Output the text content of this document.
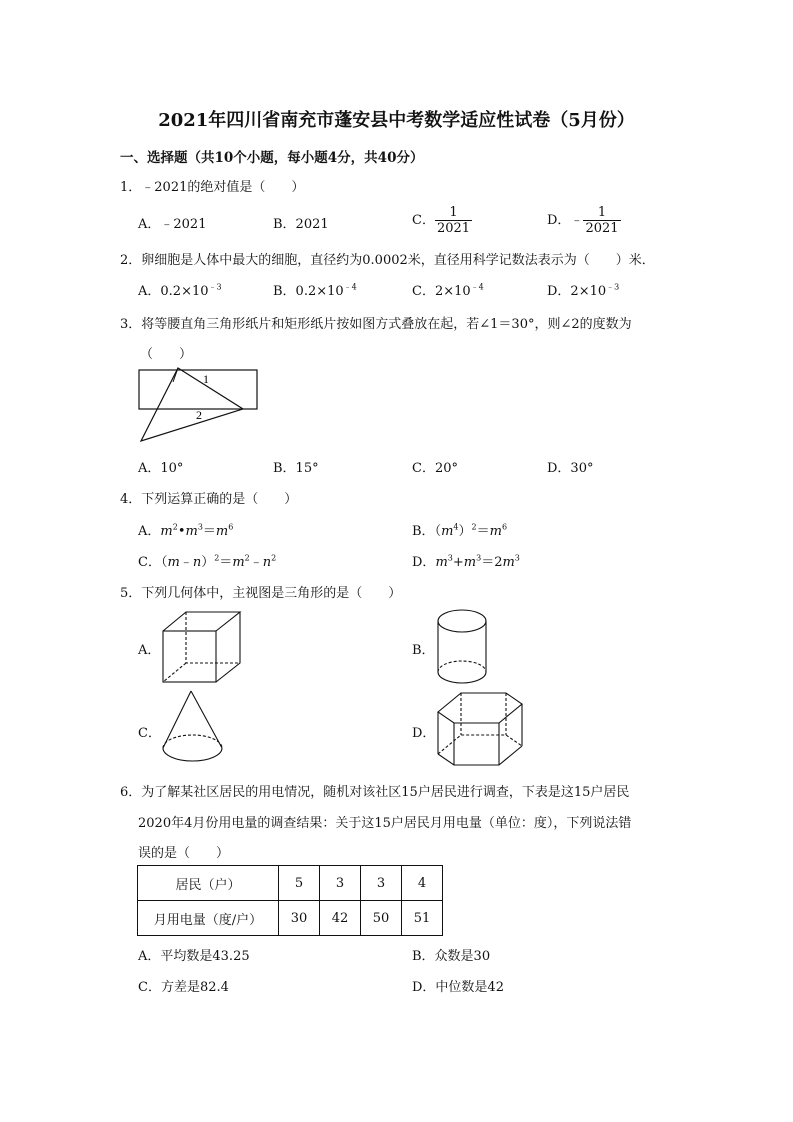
2021年四川省南充市蓬安县中考数学适应性试卷（5月份）
一、选择题（共10个小题，每小题4分，共40分）
1．﹣2021的绝对值是（　　）
A．﹣2021	B．2021	C． $\frac{1}{2021}$	D．﹣ $\frac{1}{2021}$
2．卵细胞是人体中最大的细胞，直径约为0.0002米，直径用科学记数法表示为（　　）米．
A．$0.2\times 10^{﹣3}$	B．$0.2\times 10^{﹣4}$	C．$2\times 10^{﹣4}$	D．$2\times 10^{﹣3}$
3．将等腰直角三角形纸片和矩形纸片按如图方式叠放在起，若∠1＝30°，则∠2的度数为
（　　）
1
2
A．10°	B．15°	C．20°	D．30°
4．下列运算正确的是（　　）
A．$m^2•m^3=m^6$	B．$(m^4)^2=m^6$
C．$(m﹣n)^2=m^2﹣n^2$	D．$m^3+m^3=2m^3$
5．下列几何体中，主视图是三角形的是（　　）
A．	B．
C．	D．
6．为了解某社区居民的用电情况，随机对该社区15户居民进行调查，下表是这15户居民
2020年4月份用电量的调查结果：关于这15户居民月用电量（单位：度），下列说法错
误的是（　　）
居民（户）	5	3	3	4
月用电量（度/户）	30	42	50	51
A．平均数是43.25	B．众数是30
C．方差是82.4	D．中位数是42
